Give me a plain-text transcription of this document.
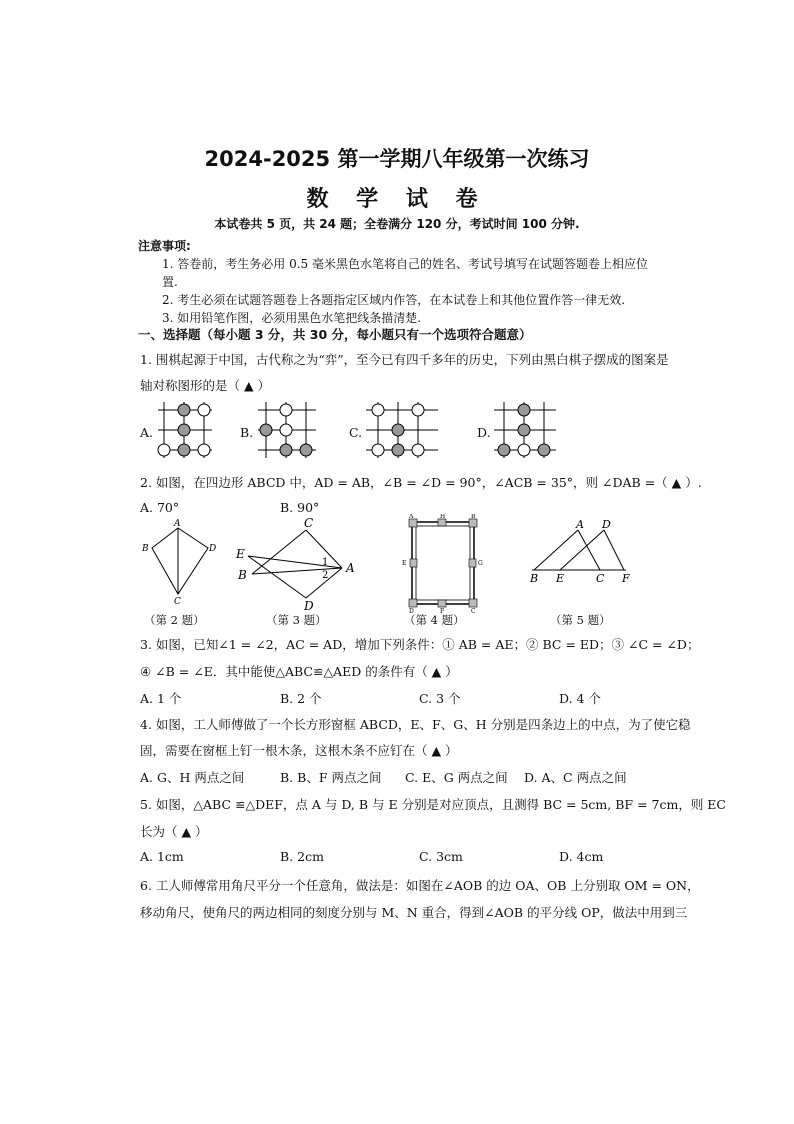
2024-2025 第一学期八年级第一次练习
数 学 试 卷
本试卷共 5 页，共 24 题；全卷满分 120 分，考试时间 100 分钟.
注意事项:
1. 答卷前，考生务必用 0.5 毫米黑色水笔将自己的姓名、考试号填写在试题答题卷上相应位
置.
2. 考生必须在试题答题卷上各题指定区域内作答，在本试卷上和其他位置作答一律无效.
3. 如用铅笔作图，必须用黑色水笔把线条描清楚.
一、选择题（每小题 3 分，共 30 分，每小题只有一个选项符合题意）
1. 围棋起源于中国，古代称之为“弈”，至今已有四千多年的历史，下列由黑白棋子摆成的图案是
轴对称图形的是（ ▲ ）
A.	B.	C.	D.
2. 如图，在四边形 ABCD 中，AD = AB，∠B = ∠D = 90°，∠ACB = 35°，则 ∠DAB =（ ▲ ）.
A. 70°	B. 90°
A
B
C
D
C
E
B	A
D
1
2
A	H	B
E	G
D	F	C
A D
B E	C F
（第 2 题）	（第 3 题）	（第 4 题）	（第 5 题）
3. 如图，已知∠1 = ∠2，AC = AD，增加下列条件：① AB = AE；② BC = ED；③ ∠C = ∠D；
④ ∠B = ∠E．其中能使△ABC≌△AED 的条件有（ ▲ ）
A. 1 个	B. 2 个	C. 3 个	D. 4 个
4. 如图，工人师傅做了一个长方形窗框 ABCD，E、F、G、H 分别是四条边上的中点，为了使它稳
固，需要在窗框上钉一根木条，这根木条不应钉在（ ▲ ）
A. G、H 两点之间	B. B、F 两点之间 C. E、G 两点之间 D. A、C 两点之间
5. 如图，△ABC ≌△DEF，点 A 与 D, B 与 E 分别是对应顶点，且测得 BC = 5cm, BF = 7cm，则 EC
长为（ ▲ ）
A. 1cm	B. 2cm	C. 3cm	D. 4cm
6. 工人师傅常用角尺平分一个任意角，做法是：如图在∠AOB 的边 OA、OB 上分别取 OM = ON，
移动角尺，使角尺的两边相同的刻度分别与 M、N 重合，得到∠AOB 的平分线 OP，做法中用到三
